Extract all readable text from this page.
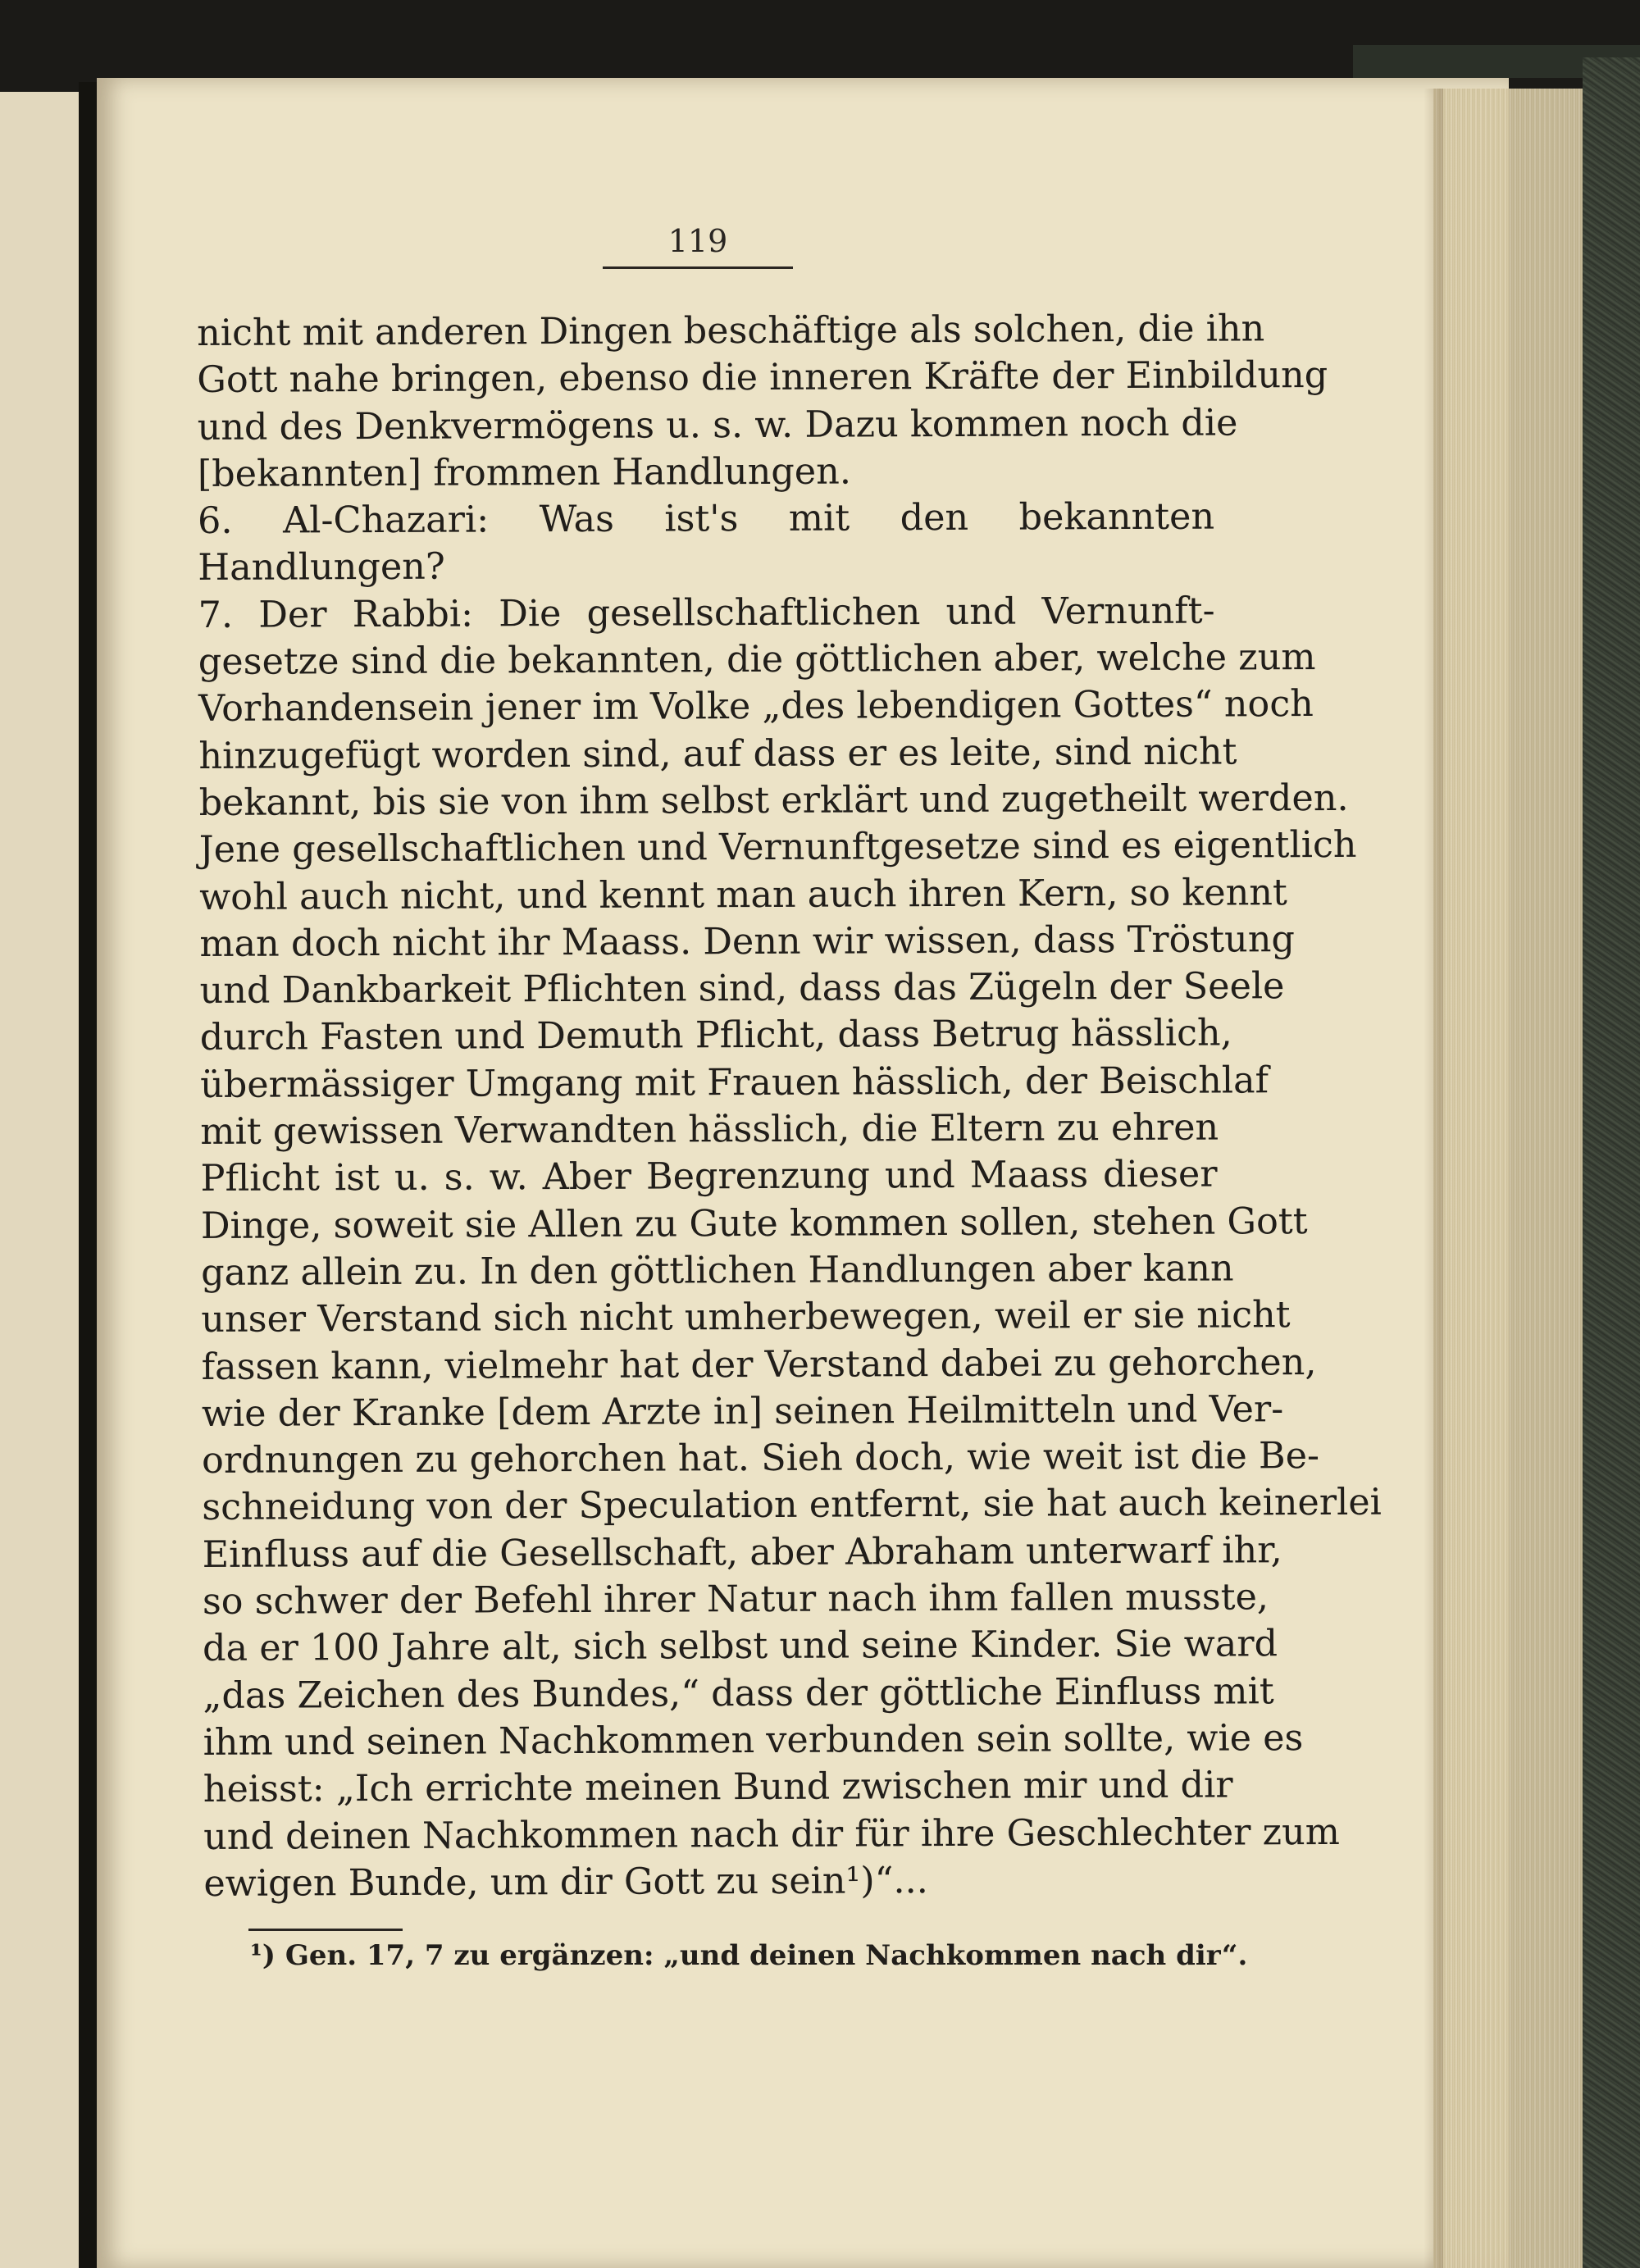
119
nicht mit anderen Dingen beschäftige als solchen, die ihn
Gott nahe bringen, ebenso die inneren Kräfte der Einbildung
und des Denkvermögens u. s. w. Dazu kommen noch die
[bekannten] frommen Handlungen.
6. Al-Chazari: Was ist's mit den bekannten
Handlungen?
7. Der Rabbi: Die gesellschaftlichen und Vernunft-
gesetze sind die bekannten, die göttlichen aber, welche zum
Vorhandensein jener im Volke „des lebendigen Gottes“ noch
hinzugefügt worden sind, auf dass er es leite, sind nicht
bekannt, bis sie von ihm selbst erklärt und zugetheilt werden.
Jene gesellschaftlichen und Vernunftgesetze sind es eigentlich
wohl auch nicht, und kennt man auch ihren Kern, so kennt
man doch nicht ihr Maass. Denn wir wissen, dass Tröstung
und Dankbarkeit Pflichten sind, dass das Zügeln der Seele
durch Fasten und Demuth Pflicht, dass Betrug hässlich,
übermässiger Umgang mit Frauen hässlich, der Beischlaf
mit gewissen Verwandten hässlich, die Eltern zu ehren
Pflicht ist u. s. w. Aber Begrenzung und Maass dieser
Dinge, soweit sie Allen zu Gute kommen sollen, stehen Gott
ganz allein zu. In den göttlichen Handlungen aber kann
unser Verstand sich nicht umherbewegen, weil er sie nicht
fassen kann, vielmehr hat der Verstand dabei zu gehorchen,
wie der Kranke [dem Arzte in] seinen Heilmitteln und Ver-
ordnungen zu gehorchen hat. Sieh doch, wie weit ist die Be-
schneidung von der Speculation entfernt, sie hat auch keinerlei
Einfluss auf die Gesellschaft, aber Abraham unterwarf ihr,
so schwer der Befehl ihrer Natur nach ihm fallen musste,
da er 100 Jahre alt, sich selbst und seine Kinder. Sie ward
„das Zeichen des Bundes,“ dass der göttliche Einfluss mit
ihm und seinen Nachkommen verbunden sein sollte, wie es
heisst: „Ich errichte meinen Bund zwischen mir und dir
und deinen Nachkommen nach dir für ihre Geschlechter zum
ewigen Bunde, um dir Gott zu sein¹)“...
¹) Gen. 17, 7 zu ergänzen: „und deinen Nachkommen nach dir“.
